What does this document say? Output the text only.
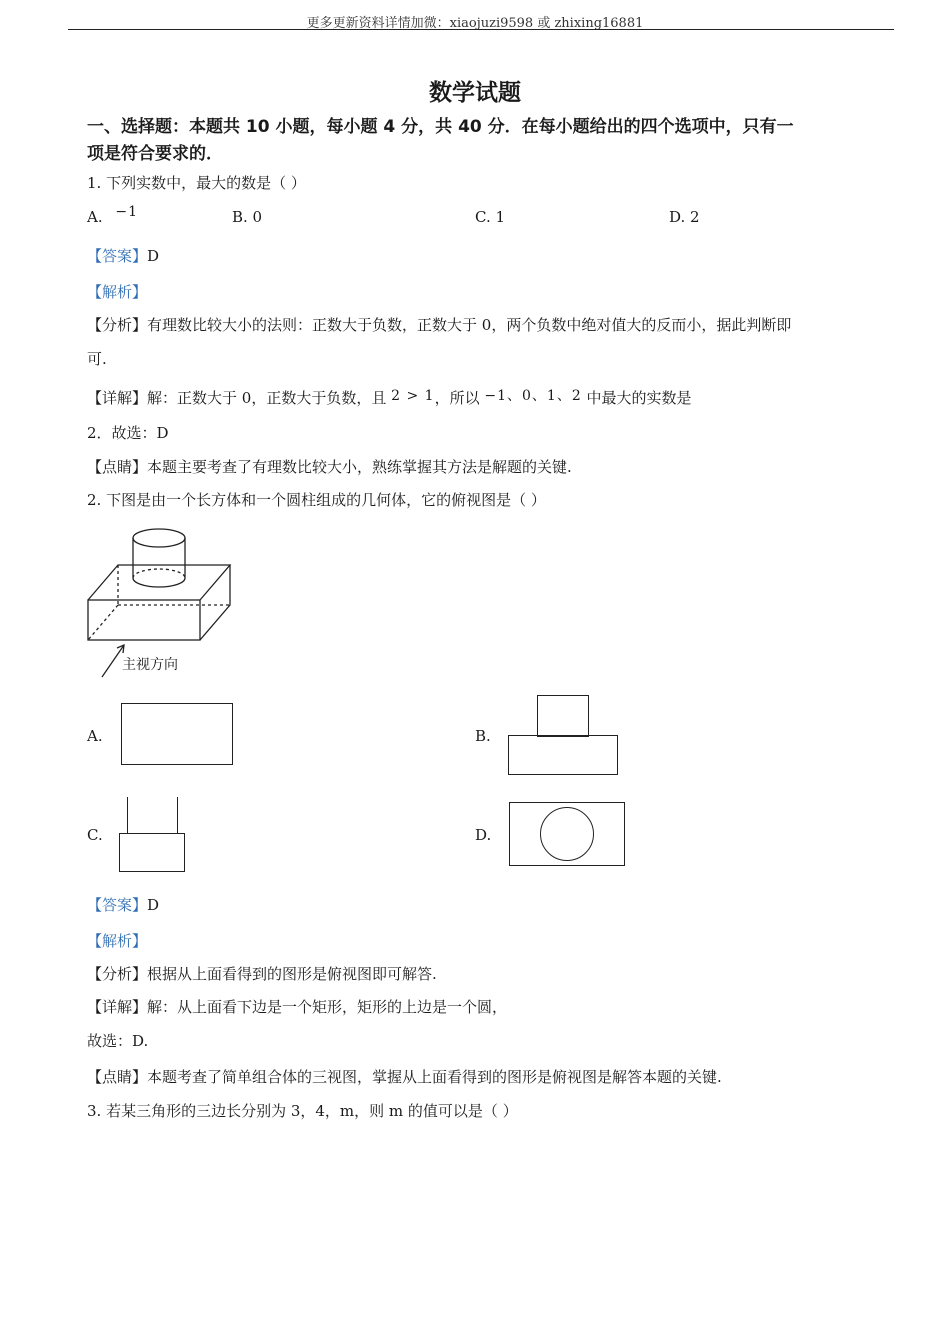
更多更新资料详情加微：xiaojuzi9598 或 zhixing16881
数学试题
一、选择题：本题共 10 小题，每小题 4 分，共 40 分．在每小题给出的四个选项中，只有一
项是符合要求的．
1. 下列实数中，最大的数是（ ）
A. −1	B. 0	C. 1	D. 2
【答案】D
【解析】
【分析】有理数比较大小的法则：正数大于负数，正数大于 0，两个负数中绝对值大的反而小，据此判断即
可.
【详解】解：正数大于 0，正数大于负数，且 2 > 1，所以 −1、0、1、2 中最大的实数是
2．故选：D
【点睛】本题主要考查了有理数比较大小，熟练掌握其方法是解题的关键.
2. 下图是由一个长方体和一个圆柱组成的几何体，它的俯视图是（ ）
主视方向
A.	B.
C.	D.
【答案】D
【解析】
【分析】根据从上面看得到的图形是俯视图即可解答.
【详解】解：从上面看下边是一个矩形，矩形的上边是一个圆，
故选：D.
【点睛】本题考查了简单组合体的三视图，掌握从上面看得到的图形是俯视图是解答本题的关键.
3. 若某三角形的三边长分别为 3，4，m，则 m 的值可以是（ ）
